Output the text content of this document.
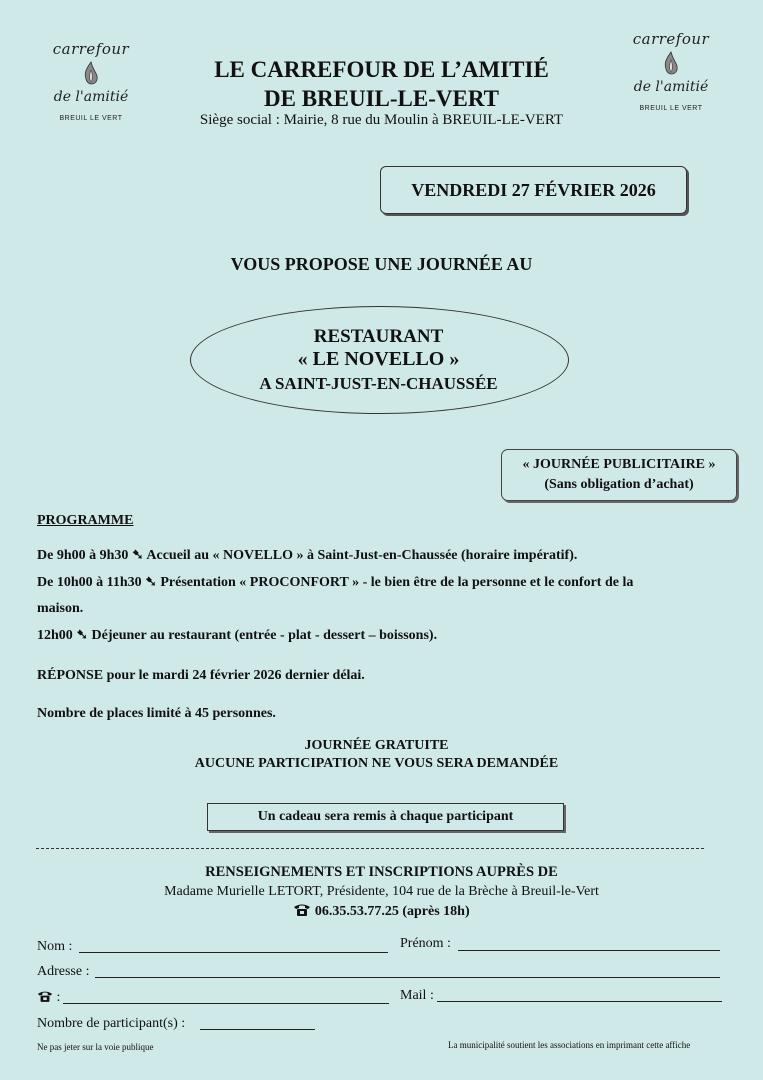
carrefour
de l'amitié
BREUIL LE VERT
carrefour
de l'amitié
BREUIL LE VERT
LE CARREFOUR DE L’AMITIÉ
DE BREUIL-LE-VERT
Siège social : Mairie, 8 rue du Moulin à BREUIL-LE-VERT
VENDREDI 27 FÉVRIER 2026
VOUS PROPOSE UNE JOURNÉE AU
RESTAURANT
« LE NOVELLO »
A SAINT-JUST-EN-CHAUSSÉE
« JOURNÉE PUBLICITAIRE »
(Sans obligation d’achat)
PROGRAMME
De 9h00 à 9h30 ➷ Accueil au « NOVELLO » à Saint-Just-en-Chaussée (horaire impératif).
De 10h00 à 11h30 ➷ Présentation « PROCONFORT » - le bien être de la personne et le confort de la
maison.
12h00 ➷ Déjeuner au restaurant (entrée - plat - dessert – boissons).
RÉPONSE pour le mardi 24 février 2026 dernier délai.
Nombre de places limité à 45 personnes.
JOURNÉE GRATUITE
AUCUNE PARTICIPATION NE VOUS SERA DEMANDÉE
Un cadeau sera remis à chaque participant
RENSEIGNEMENTS ET INSCRIPTIONS AUPRÈS DE
Madame Murielle LETORT, Présidente, 104 rue de la Brèche à Breuil-le-Vert
06.35.53.77.25 (après 18h)
Nom :	Prénom :
Adresse :
:	Mail :
Nombre de participant(s) :
Ne pas jeter sur la voie publique	La municipalité soutient les associations en imprimant cette affiche
